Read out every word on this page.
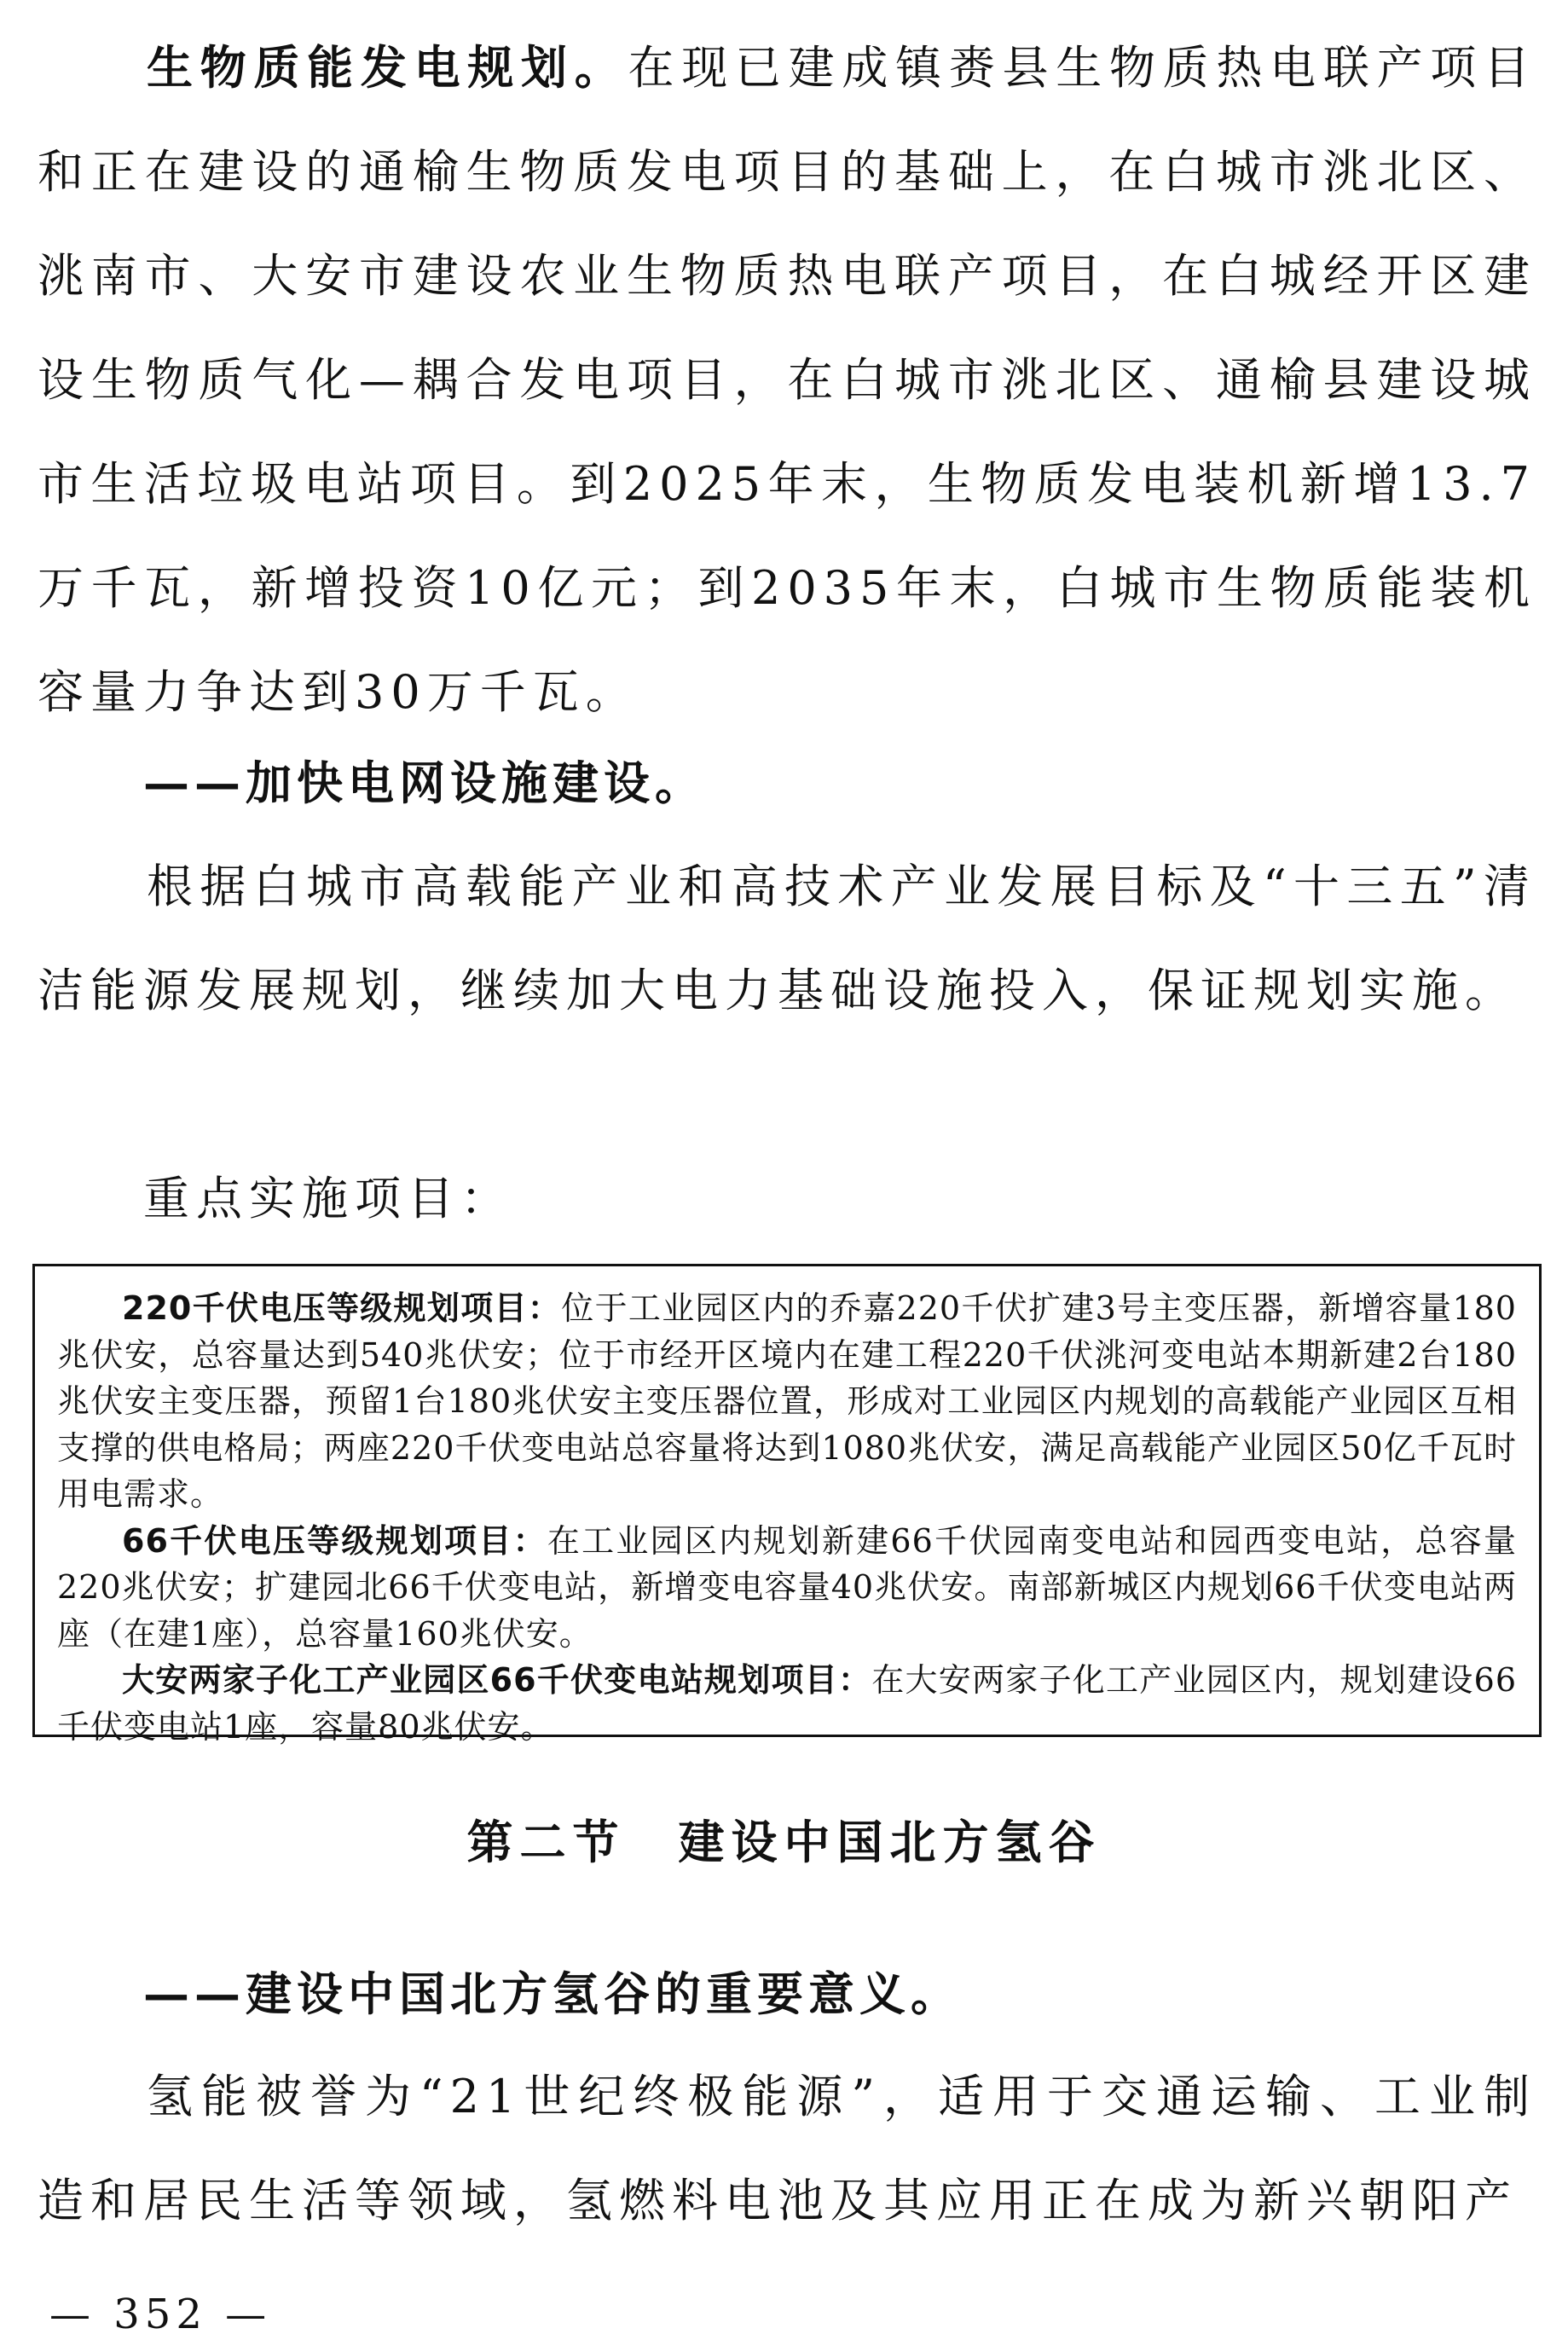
生物质能发电规划。在现已建成镇赉县生物质热电联产项目和正在建设的通榆生物质发电项目的基础上，在白城市洮北区、洮南市、大安市建设农业生物质热电联产项目，在白城经开区建设生物质气化—耦合发电项目，在白城市洮北区、通榆县建设城市生活垃圾电站项目。到2025年末，生物质发电装机新增13.7万千瓦，新增投资10亿元；到2035年末，白城市生物质能装机容量力争达到30万千瓦。

——加快电网设施建设。

根据白城市高载能产业和高技术产业发展目标及“十三五”清洁能源发展规划，继续加大电力基础设施投入，保证规划实施。

重点实施项目：

220千伏电压等级规划项目：位于工业园区内的乔嘉220千伏扩建3号主变压器，新增容量180兆伏安，总容量达到540兆伏安；位于市经开区境内在建工程220千伏洮河变电站本期新建2台180兆伏安主变压器，预留1台180兆伏安主变压器位置，形成对工业园区内规划的高载能产业园区互相支撑的供电格局；两座220千伏变电站总容量将达到1080兆伏安，满足高载能产业园区50亿千瓦时用电需求。

66千伏电压等级规划项目：在工业园区内规划新建66千伏园南变电站和园西变电站，总容量220兆伏安；扩建园北66千伏变电站，新增变电容量40兆伏安。南部新城区内规划66千伏变电站两座（在建1座），总容量160兆伏安。

大安两家子化工产业园区66千伏变电站规划项目：在大安两家子化工产业园区内，规划建设66千伏变电站1座，容量80兆伏安。

第二节　建设中国北方氢谷

——建设中国北方氢谷的重要意义。

氢能被誉为“21世纪终极能源”，适用于交通运输、工业制造和居民生活等领域，氢燃料电池及其应用正在成为新兴朝阳产

— 352 —
